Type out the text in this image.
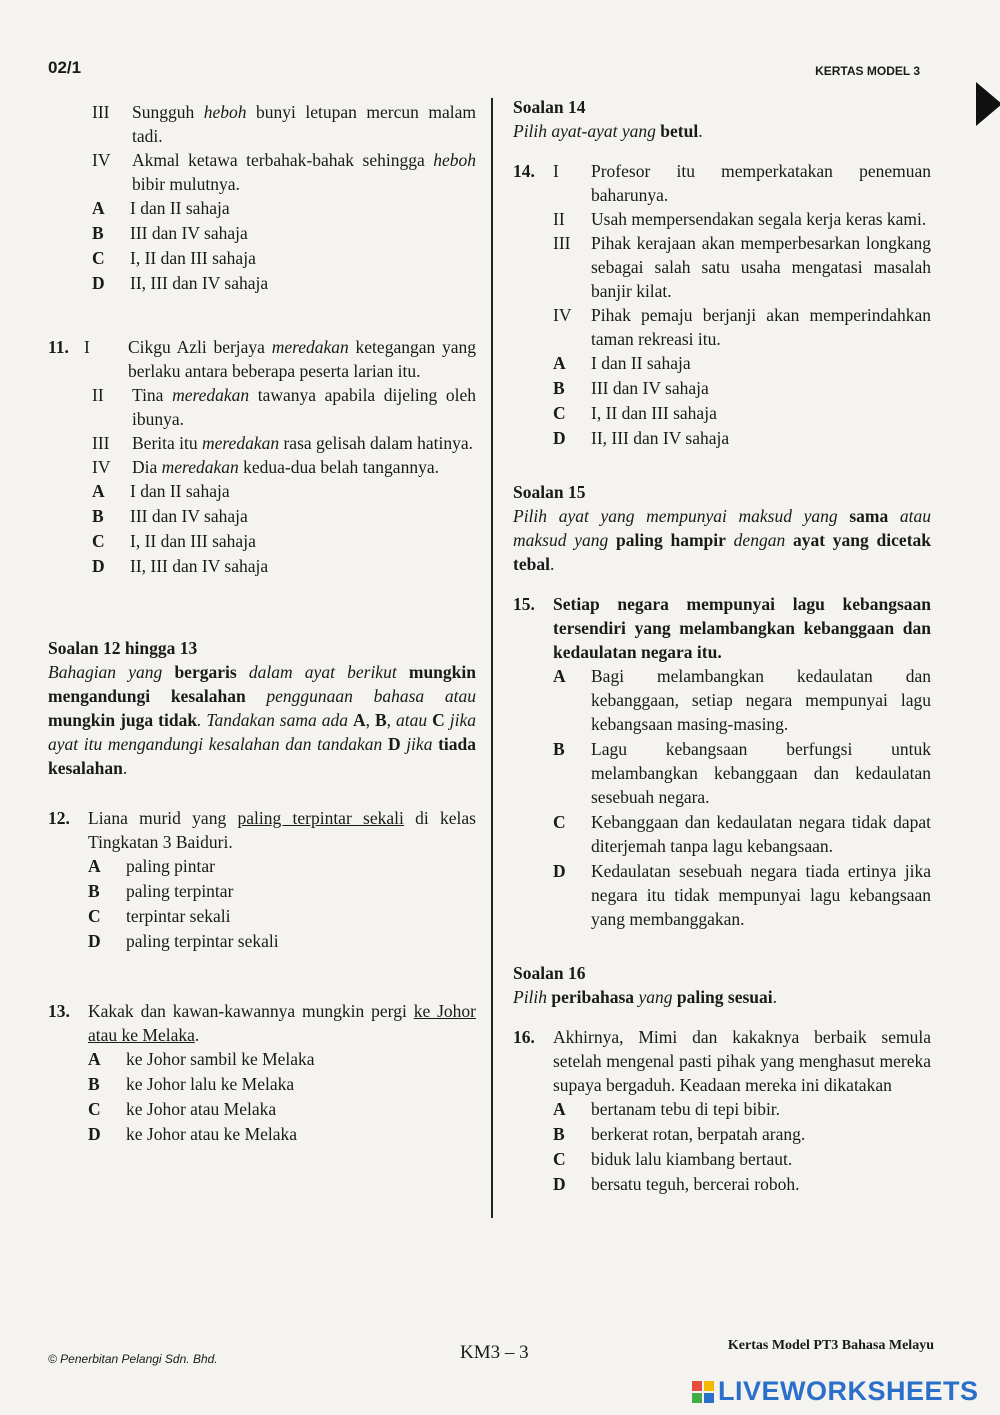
02/1	KERTAS MODEL 3
III	Sungguh heboh bunyi letupan mercun malam tadi.
IV	Akmal ketawa terbahak-bahak sehingga heboh bibir mulutnya.
A	I dan II sahaja
B	III dan IV sahaja
C	I, II dan III sahaja
D	II, III dan IV sahaja
11. I	Cikgu Azli berjaya meredakan ketegangan yang berlaku antara beberapa peserta larian itu.
II	Tina meredakan tawanya apabila dijeling oleh ibunya.
III	Berita itu meredakan rasa gelisah dalam hatinya.
IV	Dia meredakan kedua-dua belah tangannya.
A	I dan II sahaja
B	III dan IV sahaja
C	I, II dan III sahaja
D	II, III dan IV sahaja
Soalan 12 hingga 13
Bahagian yang bergaris dalam ayat berikut mungkin mengandungi kesalahan penggunaan bahasa atau mungkin juga tidak. Tandakan sama ada A, B, atau C jika ayat itu mengandungi kesalahan dan tandakan D jika tiada kesalahan.
12.	Liana murid yang paling terpintar sekali di kelas Tingkatan 3 Baiduri.
A	paling pintar
B	paling terpintar
C	terpintar sekali
D	paling terpintar sekali
13.	Kakak dan kawan-kawannya mungkin pergi ke Johor atau ke Melaka.
A	ke Johor sambil ke Melaka
B	ke Johor lalu ke Melaka
C	ke Johor atau Melaka
D	ke Johor atau ke Melaka
Soalan 14
Pilih ayat-ayat yang betul.
14.	I	Profesor itu memperkatakan penemuan baharunya.
II	Usah mempersendakan segala kerja keras kami.
III	Pihak kerajaan akan memperbesarkan longkang sebagai salah satu usaha mengatasi masalah banjir kilat.
IV	Pihak pemaju berjanji akan memperindahkan taman rekreasi itu.
A	I dan II sahaja
B	III dan IV sahaja
C	I, II dan III sahaja
D	II, III dan IV sahaja
Soalan 15
Pilih ayat yang mempunyai maksud yang sama atau maksud yang paling hampir dengan ayat yang dicetak tebal.
15.	Setiap negara mempunyai lagu kebangsaan tersendiri yang melambangkan kebanggaan dan kedaulatan negara itu.
A	Bagi melambangkan kedaulatan dan kebanggaan, setiap negara mempunyai lagu kebangsaan masing-masing.
B	Lagu kebangsaan berfungsi untuk melambangkan kebanggaan dan kedaulatan sesebuah negara.
C	Kebanggaan dan kedaulatan negara tidak dapat diterjemah tanpa lagu kebangsaan.
D	Kedaulatan sesebuah negara tiada ertinya jika negara itu tidak mempunyai lagu kebangsaan yang membanggakan.
Soalan 16
Pilih peribahasa yang paling sesuai.
16.	Akhirnya, Mimi dan kakaknya berbaik semula setelah mengenal pasti pihak yang menghasut mereka supaya bergaduh. Keadaan mereka ini dikatakan
A	bertanam tebu di tepi bibir.
B	berkerat rotan, berpatah arang.
C	biduk lalu kiambang bertaut.
D	bersatu teguh, bercerai roboh.
© Penerbitan Pelangi Sdn. Bhd.	KM3 – 3	Kertas Model PT3 Bahasa Melayu
LIVEWORKSHEETS
